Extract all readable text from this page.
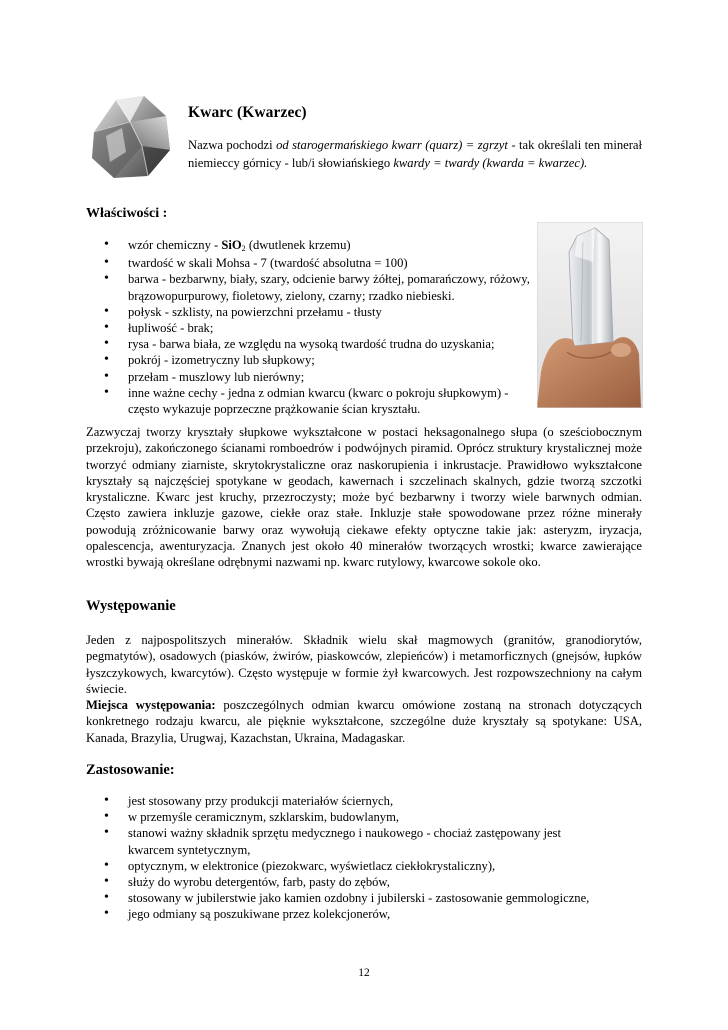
Kwarc (Kwarzec)
Nazwa pochodzi od starogermańskiego kwarr (quarz) = zgrzyt - tak określali ten minerał niemieccy górnicy - lub/i słowiańskiego kwardy = twardy (kwarda = kwarzec).
Właściwości :
• wzór chemiczny - SiO$_2$ (dwutlenek krzemu)
• twardość w skali Mohsa - 7 (twardość absolutna = 100)
• barwa - bezbarwny, biały, szary, odcienie barwy żółtej, pomarańczowy, różowy, brązowopurpurowy, fioletowy, zielony, czarny; rzadko niebieski.
• połysk - szklisty, na powierzchni przełamu - tłusty
• łupliwość - brak;
• rysa - barwa biała, ze względu na wysoką twardość trudna do uzyskania;
• pokrój - izometryczny lub słupkowy;
• przełam - muszlowy lub nierówny;
• inne ważne cechy - jedna z odmian kwarcu (kwarc o pokroju słupkowym) - często wykazuje poprzeczne prążkowanie ścian kryształu.
Zazwyczaj tworzy kryształy słupkowe wykształcone w postaci heksagonalnego słupa (o sześciobocznym przekroju), zakończonego ścianami romboedrów i podwójnych piramid. Oprócz struktury krystalicznej może tworzyć odmiany ziarniste, skrytokrystaliczne oraz naskorupienia i inkrustacje. Prawidłowo wykształcone kryształy są najczęściej spotykane w geodach, kawernach i szczelinach skalnych, gdzie tworzą szczotki krystaliczne. Kwarc jest kruchy, przezroczysty; może być bezbarwny i tworzy wiele barwnych odmian. Często zawiera inkluzje gazowe, ciekłe oraz stałe. Inkluzje stałe spowodowane przez różne minerały powodują zróżnicowanie barwy oraz wywołują ciekawe efekty optyczne takie jak: asteryzm, iryzacja, opalescencja, awenturyzacja. Znanych jest około 40 minerałów tworzących wrostki; kwarce zawierające wrostki bywają określane odrębnymi nazwami np. kwarc rutylowy, kwarcowe sokole oko.
Występowanie
Jeden z najpospolitszych minerałów. Składnik wielu skał magmowych (granitów, granodiorytów, pegmatytów), osadowych (piasków, żwirów, piaskowców, zlepieńców) i metamorficznych (gnejsów, łupków łyszczykowych, kwarcytów). Często występuje w formie żył kwarcowych. Jest rozpowszechniony na całym świecie.
Miejsca występowania: poszczególnych odmian kwarcu omówione zostaną na stronach dotyczących konkretnego rodzaju kwarcu, ale pięknie wykształcone, szczególne duże kryształy są spotykane: USA, Kanada, Brazylia, Urugwaj, Kazachstan, Ukraina, Madagaskar.
Zastosowanie:
• jest stosowany przy produkcji materiałów ściernych,
• w przemyśle ceramicznym, szklarskim, budowlanym,
• stanowi ważny składnik sprzętu medycznego i naukowego - chociaż zastępowany jest kwarcem syntetycznym,
• optycznym, w elektronice (piezokwarc, wyświetlacz ciekłokrystaliczny),
• służy do wyrobu detergentów, farb, pasty do zębów,
• stosowany w jubilerstwie jako kamien ozdobny i jubilerski - zastosowanie gemmologiczne,
• jego odmiany są poszukiwane przez kolekcjonerów,
12
